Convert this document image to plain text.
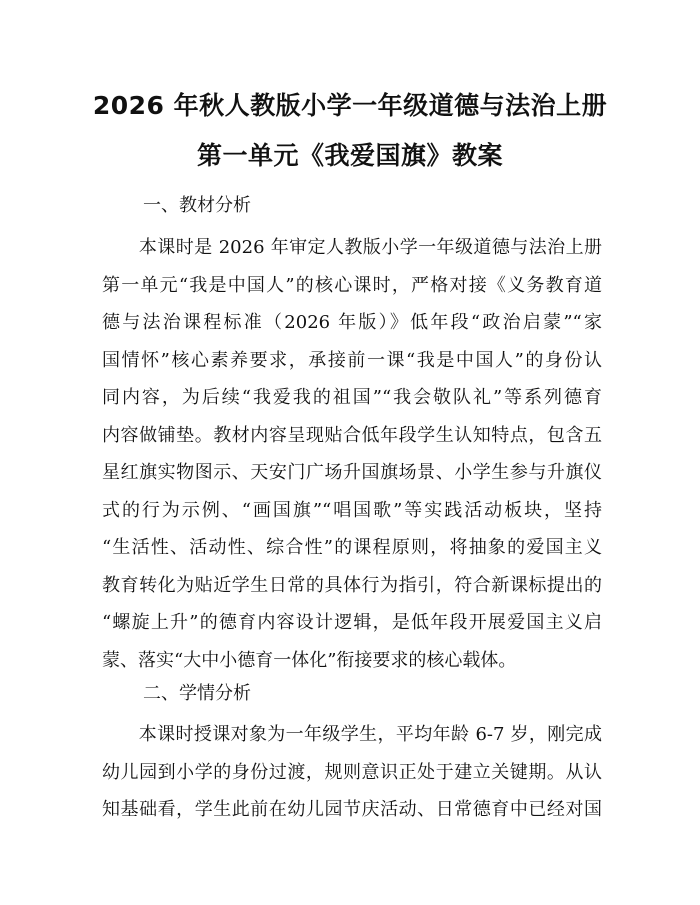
2026 年秋人教版小学一年级道德与法治上册
第一单元《我爱国旗》教案
一、教材分析
　　本课时是 2026 年审定人教版小学一年级道德与法治上册
第一单元“我是中国人”的核心课时，严格对接《义务教育道
德与法治课程标准（2026 年版）》低年段“政治启蒙”“家
国情怀”核心素养要求，承接前一课“我是中国人”的身份认
同内容，为后续“我爱我的祖国”“我会敬队礼”等系列德育
内容做铺垫。教材内容呈现贴合低年段学生认知特点，包含五
星红旗实物图示、天安门广场升国旗场景、小学生参与升旗仪
式的行为示例、“画国旗”“唱国歌”等实践活动板块，坚持
“生活性、活动性、综合性”的课程原则，将抽象的爱国主义
教育转化为贴近学生日常的具体行为指引，符合新课标提出的
“螺旋上升”的德育内容设计逻辑，是低年段开展爱国主义启
蒙、落实“大中小德育一体化”衔接要求的核心载体。
二、学情分析
　　本课时授课对象为一年级学生，平均年龄 6-7 岁，刚完成
幼儿园到小学的身份过渡，规则意识正处于建立关键期。从认
知基础看，学生此前在幼儿园节庆活动、日常德育中已经对国
